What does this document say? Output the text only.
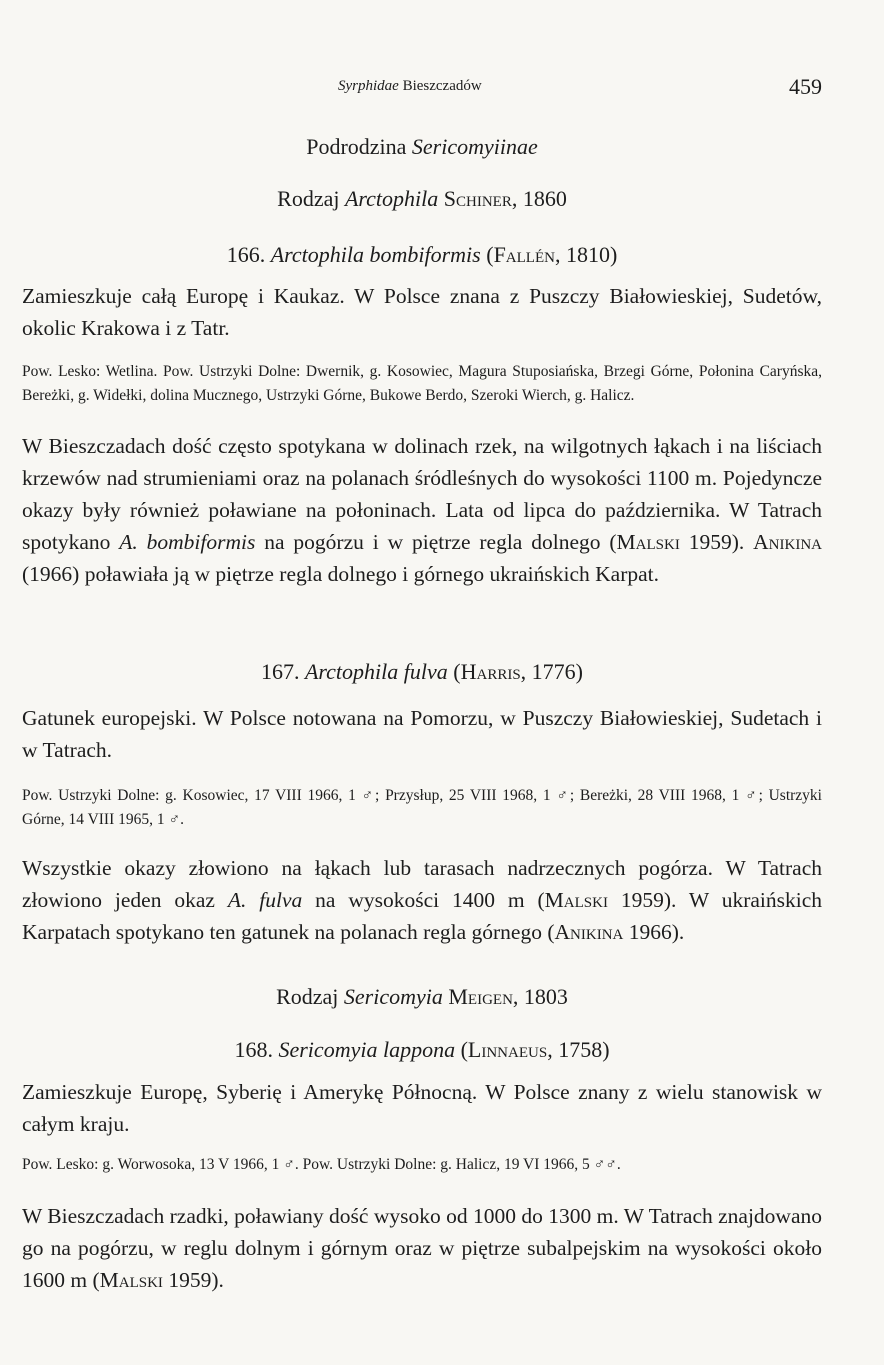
Syrphidae Bieszczadów	459
Podrodzina Sericomyiinae
Rodzaj Arctophila Schiner, 1860
166. Arctophila bombiformis (Fallén, 1810)
Zamieszkuje całą Europę i Kaukaz. W Polsce znana z Puszczy Białowieskiej, Sudetów, okolic Krakowa i z Tatr.
Pow. Lesko: Wetlina. Pow. Ustrzyki Dolne: Dwernik, g. Kosowiec, Magura Stuposiańska, Brzegi Górne, Połonina Caryńska, Bereżki, g. Widełki, dolina Mucznego, Ustrzyki Górne, Bukowe Berdo, Szeroki Wierch, g. Halicz.
W Bieszczadach dość często spotykana w dolinach rzek, na wilgotnych łąkach i na liściach krzewów nad strumieniami oraz na polanach śródleśnych do wysokości 1100 m. Pojedyncze okazy były również poławiane na połoninach. Lata od lipca do października. W Tatrach spotykano A. bombiformis na pogórzu i w piętrze regla dolnego (Malski 1959). Anikina (1966) poławiała ją w piętrze regla dolnego i górnego ukraińskich Karpat.
167. Arctophila fulva (Harris, 1776)
Gatunek europejski. W Polsce notowana na Pomorzu, w Puszczy Białowieskiej, Sudetach i w Tatrach.
Pow. Ustrzyki Dolne: g. Kosowiec, 17 VIII 1966, 1 ♂; Przysłup, 25 VIII 1968, 1 ♂; Bereżki, 28 VIII 1968, 1 ♂; Ustrzyki Górne, 14 VIII 1965, 1 ♂.
Wszystkie okazy złowiono na łąkach lub tarasach nadrzecznych pogórza. W Tatrach złowiono jeden okaz A. fulva na wysokości 1400 m (Malski 1959). W ukraińskich Karpatach spotykano ten gatunek na polanach regla górnego (Anikina 1966).
Rodzaj Sericomyia Meigen, 1803
168. Sericomyia lappona (Linnaeus, 1758)
Zamieszkuje Europę, Syberię i Amerykę Północną. W Polsce znany z wielu stanowisk w całym kraju.
Pow. Lesko: g. Worwosoka, 13 V 1966, 1 ♂. Pow. Ustrzyki Dolne: g. Halicz, 19 VI 1966, 5 ♂♂.
W Bieszczadach rzadki, poławiany dość wysoko od 1000 do 1300 m. W Tatrach znajdowano go na pogórzu, w reglu dolnym i górnym oraz w piętrze subalpejskim na wysokości około 1600 m (Malski 1959).
